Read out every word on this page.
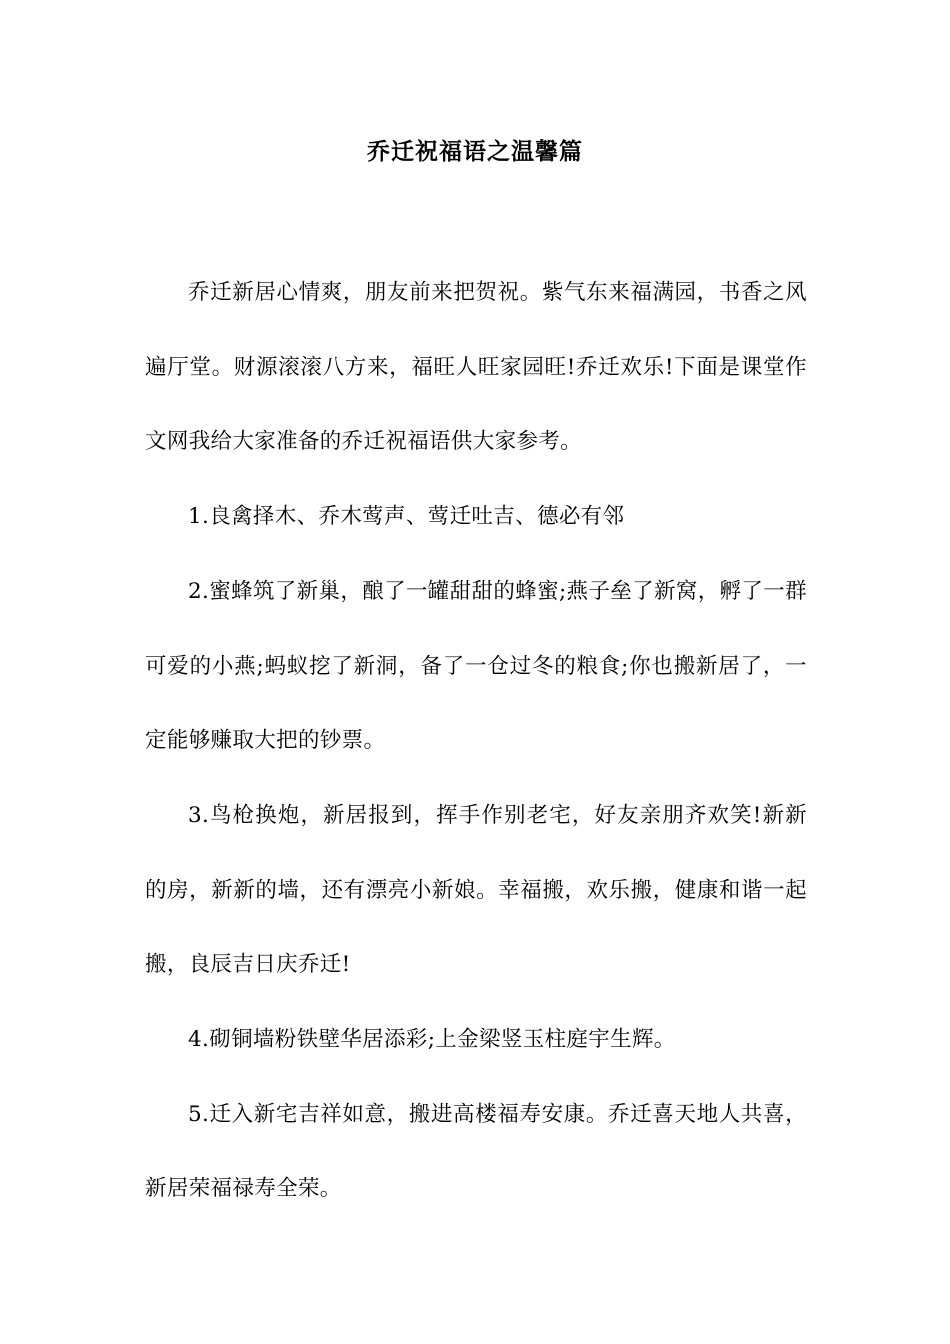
乔迁祝福语之温馨篇

乔迁新居心情爽，朋友前来把贺祝。紫气东来福满园，书香之风遍厅堂。财源滚滚八方来，福旺人旺家园旺!乔迁欢乐!下面是课堂作文网我给大家准备的乔迁祝福语供大家参考。

1.良禽择木、乔木莺声、莺迁吐吉、德必有邻

2.蜜蜂筑了新巢，酿了一罐甜甜的蜂蜜;燕子垒了新窝，孵了一群可爱的小燕;蚂蚁挖了新洞，备了一仓过冬的粮食;你也搬新居了，一定能够赚取大把的钞票。

3.鸟枪换炮，新居报到，挥手作别老宅，好友亲朋齐欢笑!新新的房，新新的墙，还有漂亮小新娘。幸福搬，欢乐搬，健康和谐一起搬，良辰吉日庆乔迁!

4.砌铜墙粉铁壁华居添彩;上金梁竖玉柱庭宇生辉。

5.迁入新宅吉祥如意，搬进高楼福寿安康。乔迁喜天地人共喜，新居荣福禄寿全荣。
